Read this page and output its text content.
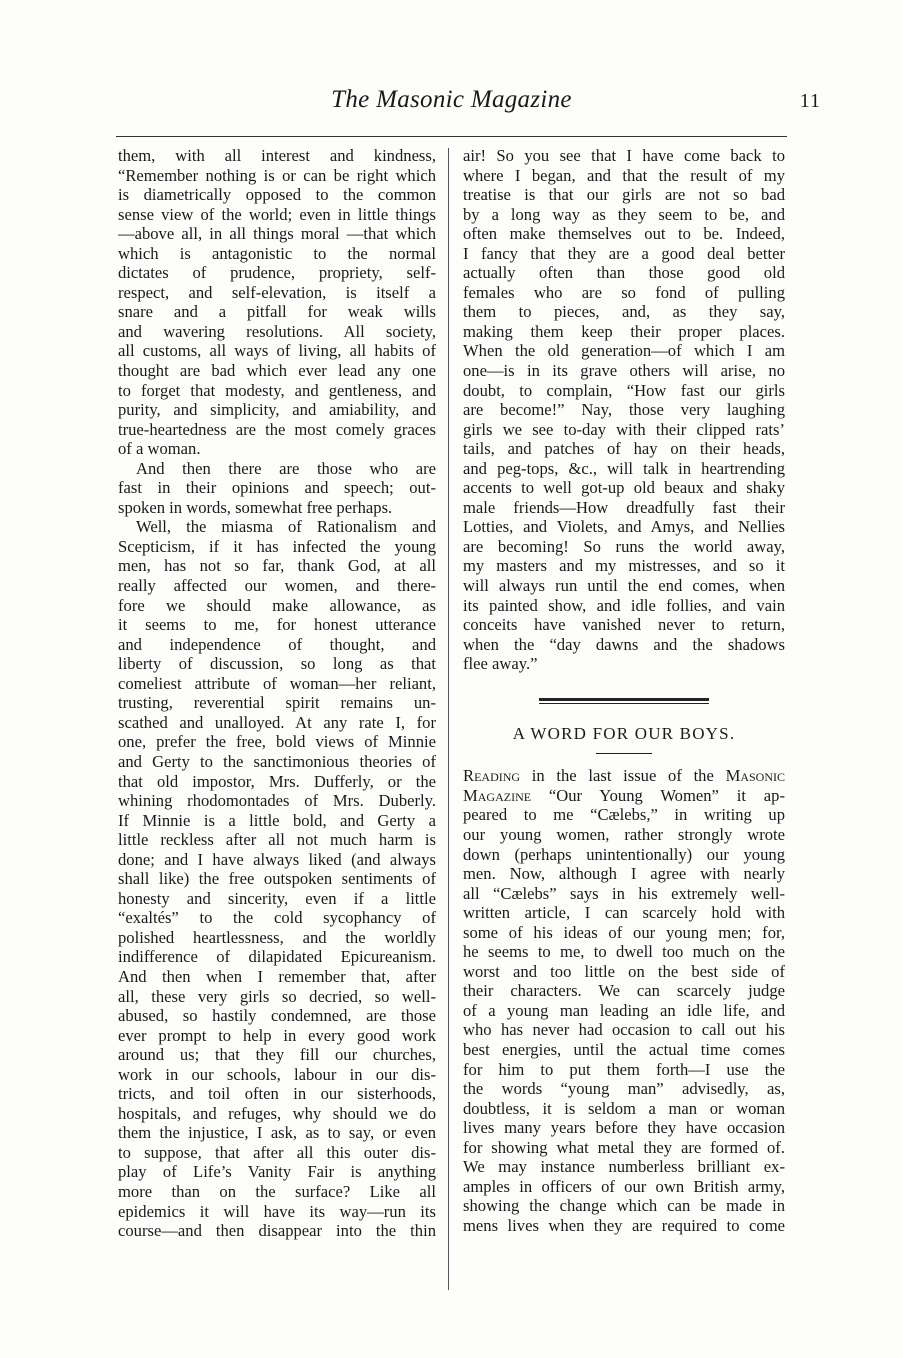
The Masonic Magazine	11
them, with all interest and kindness,
“Remember nothing is or can be right which
is diametrically opposed to the common
sense view of the world; even in little things
—above all, in all things moral —that which
which is antagonistic to the normal
dictates of prudence, propriety, self-
respect, and self-elevation, is itself a
snare and a pitfall for weak wills
and wavering resolutions. All society,
all customs, all ways of living, all habits of
thought are bad which ever lead any one
to forget that modesty, and gentleness, and
purity, and simplicity, and amiability, and
true-heartedness are the most comely graces
of a woman.
And then there are those who are
fast in their opinions and speech; out-
spoken in words, somewhat free perhaps.
Well, the miasma of Rationalism and
Scepticism, if it has infected the young
men, has not so far, thank God, at all
really affected our women, and there-
fore we should make allowance, as
it seems to me, for honest utterance
and independence of thought, and
liberty of discussion, so long as that
comeliest attribute of woman—her reliant,
trusting, reverential spirit remains un-
scathed and unalloyed. At any rate I, for
one, prefer the free, bold views of Minnie
and Gerty to the sanctimonious theories of
that old impostor, Mrs. Dufferly, or the
whining rhodomontades of Mrs. Duberly.
If Minnie is a little bold, and Gerty a
little reckless after all not much harm is
done; and I have always liked (and always
shall like) the free outspoken sentiments of
honesty and sincerity, even if a little
“exaltés” to the cold sycophancy of
polished heartlessness, and the worldly
indifference of dilapidated Epicureanism.
And then when I remember that, after
all, these very girls so decried, so well-
abused, so hastily condemned, are those
ever prompt to help in every good work
around us; that they fill our churches,
work in our schools, labour in our dis-
tricts, and toil often in our sisterhoods,
hospitals, and refuges, why should we do
them the injustice, I ask, as to say, or even
to suppose, that after all this outer dis-
play of Life’s Vanity Fair is anything
more than on the surface? Like all
epidemics it will have its way—run its
course—and then disappear into the thin
air! So you see that I have come back to
where I began, and that the result of my
treatise is that our girls are not so bad
by a long way as they seem to be, and
often make themselves out to be. Indeed,
I fancy that they are a good deal better
actually often than those good old
females who are so fond of pulling
them to pieces, and, as they say,
making them keep their proper places.
When the old generation—of which I am
one—is in its grave others will arise, no
doubt, to complain, “How fast our girls
are become!” Nay, those very laughing
girls we see to-day with their clipped rats’
tails, and patches of hay on their heads,
and peg-tops, &c., will talk in heartrending
accents to well got-up old beaux and shaky
male friends—How dreadfully fast their
Lotties, and Violets, and Amys, and Nellies
are becoming! So runs the world away,
my masters and my mistresses, and so it
will always run until the end comes, when
its painted show, and idle follies, and vain
conceits have vanished never to return,
when the “day dawns and the shadows
flee away.”
A WORD FOR OUR BOYS.
Reading in the last issue of the Masonic
Magazine “Our Young Women” it ap-
peared to me “Cælebs,” in writing up
our young women, rather strongly wrote
down (perhaps unintentionally) our young
men. Now, although I agree with nearly
all “Cælebs” says in his extremely well-
written article, I can scarcely hold with
some of his ideas of our young men; for,
he seems to me, to dwell too much on the
worst and too little on the best side of
their characters. We can scarcely judge
of a young man leading an idle life, and
who has never had occasion to call out his
best energies, until the actual time comes
for him to put them forth—I use the
the words “young man” advisedly, as,
doubtless, it is seldom a man or woman
lives many years before they have occasion
for showing what metal they are formed of.
We may instance numberless brilliant ex-
amples in officers of our own British army,
showing the change which can be made in
mens lives when they are required to come
